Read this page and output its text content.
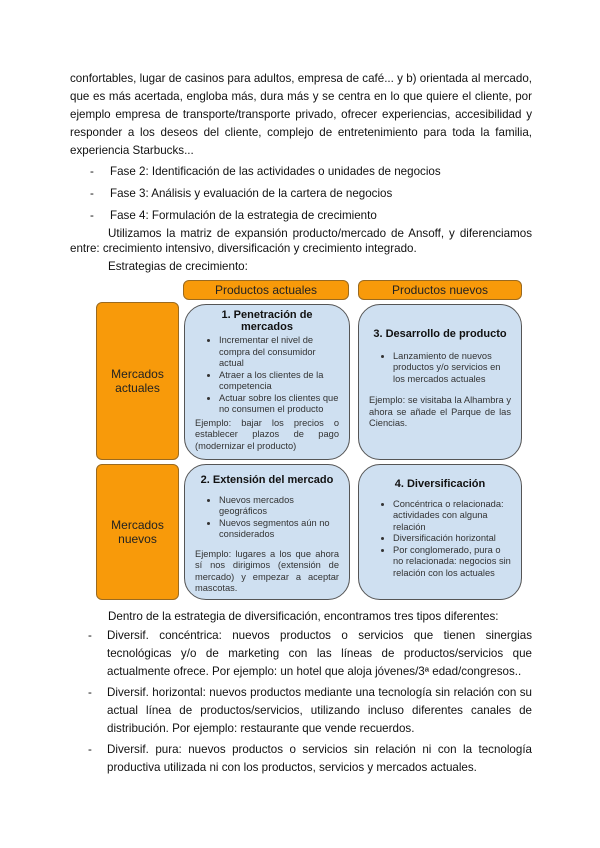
confortables, lugar de casinos para adultos, empresa de café... y b) orientada al mercado, que es más acertada, engloba más, dura más y se centra en lo que quiere el cliente, por ejemplo empresa de transporte/transporte privado, ofrecer experiencias, accesibilidad y responder a los deseos del cliente, complejo de entretenimiento para toda la familia, experiencia Starbucks...
- Fase 2: Identificación de las actividades o unidades de negocios
- Fase 3: Análisis y evaluación de la cartera de negocios
- Fase 4: Formulación de la estrategia de crecimiento
Utilizamos la matriz de expansión producto/mercado de Ansoff, y diferenciamos entre: crecimiento intensivo, diversificación y crecimiento integrado.
Estrategias de crecimiento:
Productos actuales	Productos nuevos
Mercados actuales
Mercados nuevos
1. Penetración de mercados
• Incrementar el nivel de compra del consumidor actual
• Atraer a los clientes de la competencia
• Actuar sobre los clientes que no consumen el producto
Ejemplo: bajar los precios o establecer plazos de pago (modernizar el producto)
3. Desarrollo de producto
• Lanzamiento de nuevos productos y/o servicios en los mercados actuales
Ejemplo: se visitaba la Alhambra y ahora se añade el Parque de las Ciencias.
2. Extensión del mercado
• Nuevos mercados geográficos
• Nuevos segmentos aún no considerados
Ejemplo: lugares a los que ahora sí nos dirigimos (extensión de mercado) y empezar a aceptar mascotas.
4. Diversificación
• Concéntrica o relacionada: actividades con alguna relación
• Diversificación horizontal
• Por conglomerado, pura o no relacionada: negocios sin relación con los actuales
Dentro de la estrategia de diversificación, encontramos tres tipos diferentes:
- Diversif. concéntrica: nuevos productos o servicios que tienen sinergias tecnológicas y/o de marketing con las líneas de productos/servicios que actualmente ofrece. Por ejemplo: un hotel que aloja jóvenes/3ª edad/congresos..
- Diversif. horizontal: nuevos productos mediante una tecnología sin relación con su actual línea de productos/servicios, utilizando incluso diferentes canales de distribución. Por ejemplo: restaurante que vende recuerdos.
- Diversif. pura: nuevos productos o servicios sin relación ni con la tecnología productiva utilizada ni con los productos, servicios y mercados actuales.
